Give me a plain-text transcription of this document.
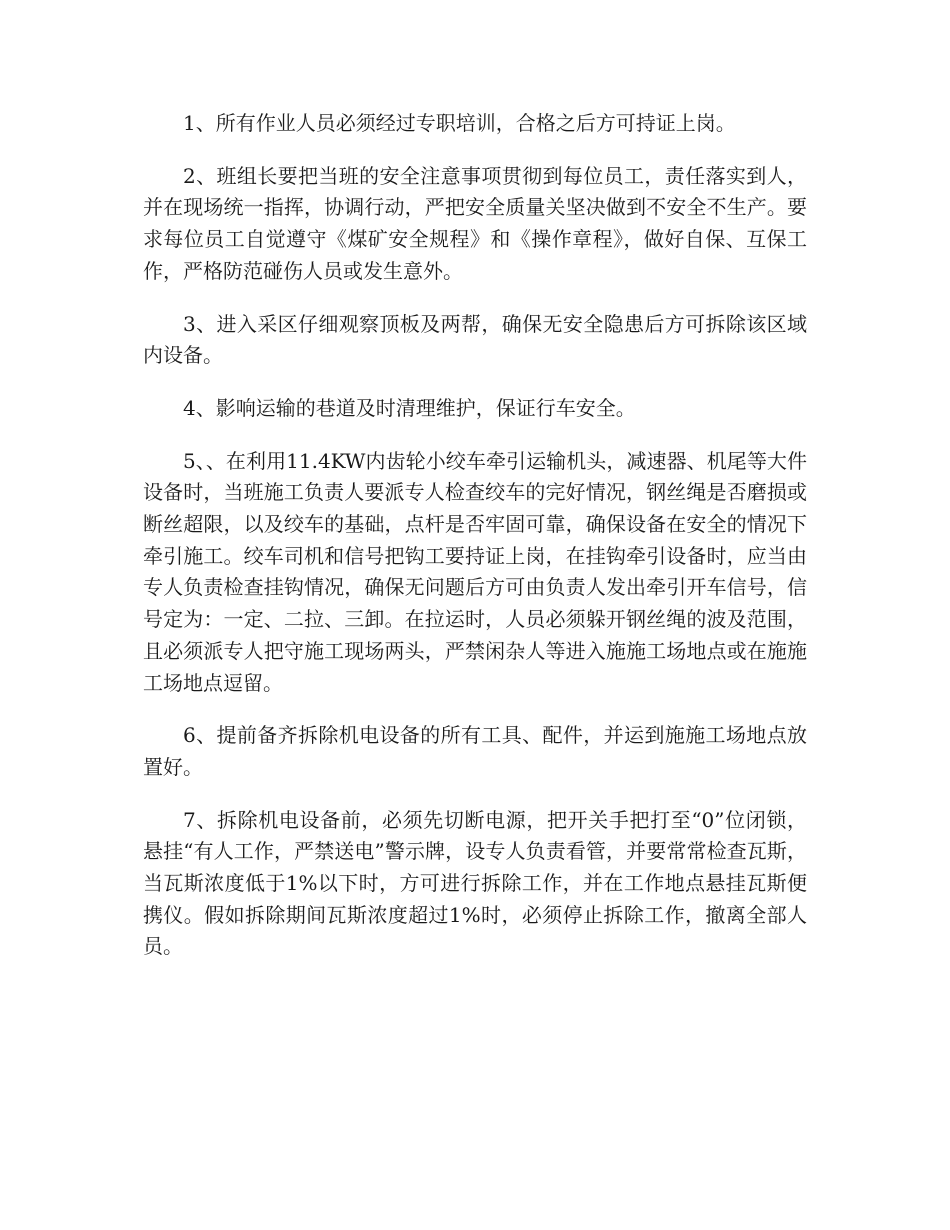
1、所有作业人员必须经过专职培训，合格之后方可持证上岗。

2、班组长要把当班的安全注意事项贯彻到每位员工，责任落实到人，并在现场统一指挥，协调行动，严把安全质量关坚决做到不安全不生产。要求每位员工自觉遵守《煤矿安全规程》和《操作章程》，做好自保、互保工作，严格防范碰伤人员或发生意外。

3、进入采区仔细观察顶板及两帮，确保无安全隐患后方可拆除该区域内设备。

4、影响运输的巷道及时清理维护，保证行车安全。

5、、在利用11.4KW内齿轮小绞车牵引运输机头，减速器、机尾等大件设备时，当班施工负责人要派专人检查绞车的完好情况，钢丝绳是否磨损或断丝超限，以及绞车的基础，点杆是否牢固可靠，确保设备在安全的情况下牵引施工。绞车司机和信号把钩工要持证上岗，在挂钩牵引设备时，应当由专人负责检查挂钩情况，确保无问题后方可由负责人发出牵引开车信号，信号定为：一定、二拉、三卸。在拉运时，人员必须躲开钢丝绳的波及范围，且必须派专人把守施工现场两头，严禁闲杂人等进入施施工场地点或在施施工场地点逗留。

6、提前备齐拆除机电设备的所有工具、配件，并运到施施工场地点放置好。

7、拆除机电设备前，必须先切断电源，把开关手把打至“0”位闭锁，悬挂“有人工作，严禁送电”警示牌，设专人负责看管，并要常常检查瓦斯，当瓦斯浓度低于1%以下时，方可进行拆除工作，并在工作地点悬挂瓦斯便携仪。假如拆除期间瓦斯浓度超过1%时，必须停止拆除工作，撤离全部人员。
